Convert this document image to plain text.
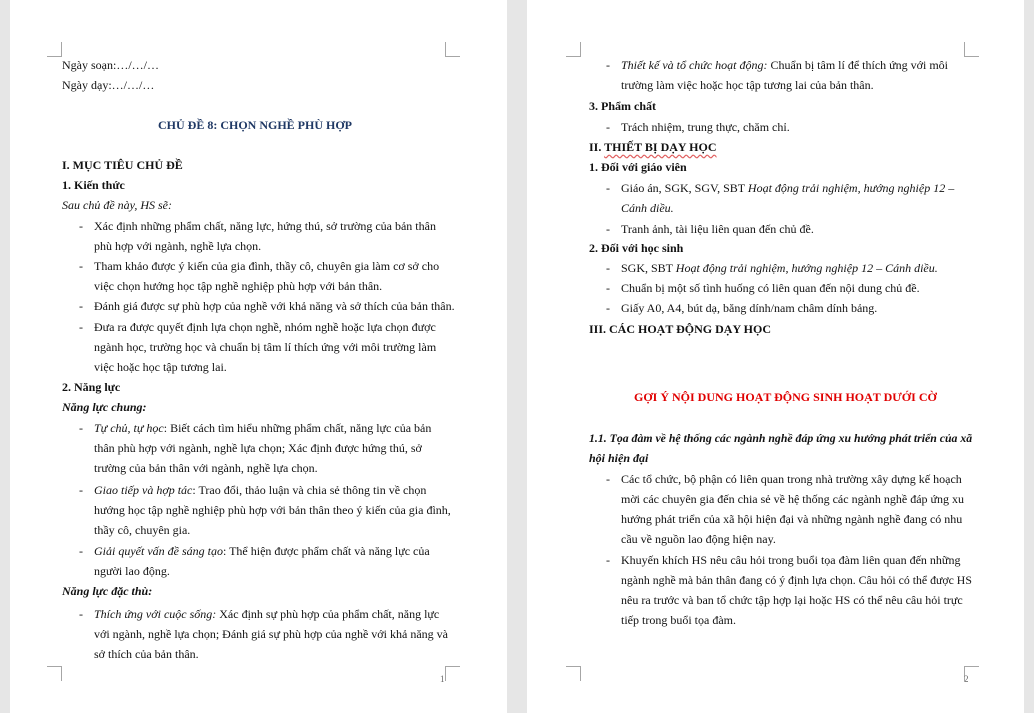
1
Ngày soạn:…/…/…
Ngày dạy:…/…/…
CHỦ ĐỀ 8: CHỌN NGHỀ PHÙ HỢP
I. MỤC TIÊU CHỦ ĐỀ
1. Kiến thức
Sau chủ đề này, HS sẽ:
- Xác định những phẩm chất, năng lực, hứng thú, sở trường của bản thân
phù hợp với ngành, nghề lựa chọn.
- Tham khảo được ý kiến của gia đình, thầy cô, chuyên gia làm cơ sở cho
việc chọn hướng học tập nghề nghiệp phù hợp với bản thân.
- Đánh giá được sự phù hợp của nghề với khả năng và sở thích của bản thân.
- Đưa ra được quyết định lựa chọn nghề, nhóm nghề hoặc lựa chọn được
ngành học, trường học và chuẩn bị tâm lí thích ứng với môi trường làm
việc hoặc học tập tương lai.
2. Năng lực
Năng lực chung:
- Tự chủ, tự học: Biết cách tìm hiểu những phẩm chất, năng lực của bản
thân phù hợp với ngành, nghề lựa chọn; Xác định được hứng thú, sở
trường của bản thân với ngành, nghề lựa chọn.
- Giao tiếp và hợp tác: Trao đổi, thảo luận và chia sẻ thông tin về chọn
hướng học tập nghề nghiệp phù hợp với bản thân theo ý kiến của gia đình,
thầy cô, chuyên gia.
- Giải quyết vấn đề sáng tạo: Thể hiện được phẩm chất và năng lực của
người lao động.
Năng lực đặc thù:
- Thích ứng với cuộc sống: Xác định sự phù hợp của phẩm chất, năng lực
với ngành, nghề lựa chọn; Đánh giá sự phù hợp của nghề với khả năng và
sở thích của bản thân.
2
- Thiết kế và tổ chức hoạt động: Chuẩn bị tâm lí để thích ứng với môi
trường làm việc hoặc học tập tương lai của bản thân.
3. Phẩm chất
- Trách nhiệm, trung thực, chăm chỉ.
II. THIẾT BỊ DẠY HỌC
1. Đối với giáo viên
- Giáo án, SGK, SGV, SBT Hoạt động trải nghiệm, hướng nghiệp 12 –
Cánh diều.
- Tranh ảnh, tài liệu liên quan đến chủ đề.
2. Đối với học sinh
- SGK, SBT Hoạt động trải nghiệm, hướng nghiệp 12 – Cánh diều.
- Chuẩn bị một số tình huống có liên quan đến nội dung chủ đề.
- Giấy A0, A4, bút dạ, băng dính/nam châm dính bảng.
III. CÁC HOẠT ĐỘNG DẠY HỌC
GỢI Ý NỘI DUNG HOẠT ĐỘNG SINH HOẠT DƯỚI CỜ
1.1. Tọa đàm về hệ thống các ngành nghề đáp ứng xu hướng phát triển của xã
hội hiện đại
- Các tổ chức, bộ phận có liên quan trong nhà trường xây dựng kế hoạch
mời các chuyên gia đến chia sẻ về hệ thống các ngành nghề đáp ứng xu
hướng phát triển của xã hội hiện đại và những ngành nghề đang có nhu
cầu về nguồn lao động hiện nay.
- Khuyến khích HS nêu câu hỏi trong buổi tọa đàm liên quan đến những
ngành nghề mà bản thân đang có ý định lựa chọn. Câu hỏi có thể được HS
nêu ra trước và ban tổ chức tập hợp lại hoặc HS có thể nêu câu hỏi trực
tiếp trong buổi tọa đàm.
